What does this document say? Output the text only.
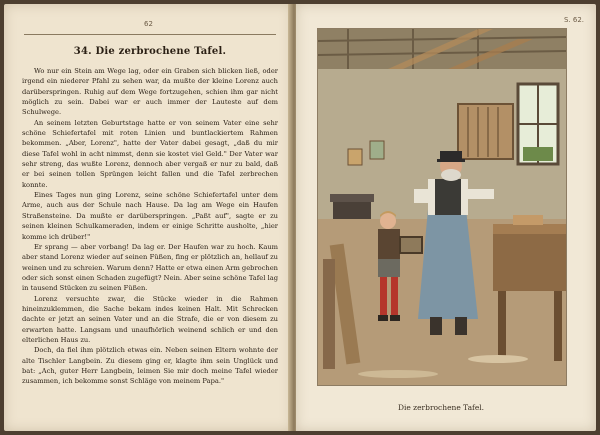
62
34. Die zerbrochene Tafel.

Wo nur ein Stein am Wege lag, oder ein Graben sich blicken ließ, oder irgend ein niederer Pfahl zu sehen war, da mußte der kleine Lorenz auch darüberspringen. Ruhig auf dem Wege fortzugehen, schien ihm gar nicht möglich zu sein. Dabei war er auch immer der Lauteste auf dem Schulwege.

An seinem letzten Geburtstage hatte er von seinem Vater eine sehr schöne Schiefertafel mit roten Linien und buntlackiertem Rahmen bekommen. „Aber, Lorenz", hatte der Vater dabei gesagt, „daß du mir diese Tafel wohl in acht nimmst, denn sie kostet viel Geld." Der Vater war sehr streng, das wußte Lorenz, dennoch aber vergaß er nur zu bald, daß er bei seinen tollen Sprüngen leicht fallen und die Tafel zerbrechen konnte.

Eines Tages nun ging Lorenz, seine schöne Schiefertafel unter dem Arme, auch aus der Schule nach Hause. Da lag am Wege ein Haufen Straßensteine. Da mußte er darüberspringen. „Paßt auf", sagte er zu seinen kleinen Schulkameraden, indem er einige Schritte ausholte, „hier komme ich drüber!"

Er sprang — aber vorbang! Da lag er. Der Haufen war zu hoch. Kaum aber stand Lorenz wieder auf seinen Füßen, fing er plötzlich an, hellauf zu weinen und zu schreien. Warum denn? Hatte er etwa einen Arm gebrochen oder sich sonst einen Schaden zugefügt? Nein. Aber seine schöne Tafel lag in tausend Stücken zu seinen Füßen.

Lorenz versuchte zwar, die Stücke wieder in die Rahmen hineinzuklemmen, die Sache bekam indes keinen Halt. Mit Schrecken dachte er jetzt an seinen Vater und an die Strafe, die er von diesem zu erwarten hatte. Langsam und unaufhörlich weinend schlich er und den elterlichen Haus zu.

Doch, da fiel ihm plötzlich etwas ein. Neben seinen Eltern wohnte der alte Tischler Langbein. Zu diesem ging er, klagte ihm sein Unglück und bat: „Ach, guter Herr Langbein, leimen Sie mir doch meine Tafel wieder zusammen, ich bekomme sonst Schläge von meinem Papa."

S. 62.
Die zerbrochene Tafel.
